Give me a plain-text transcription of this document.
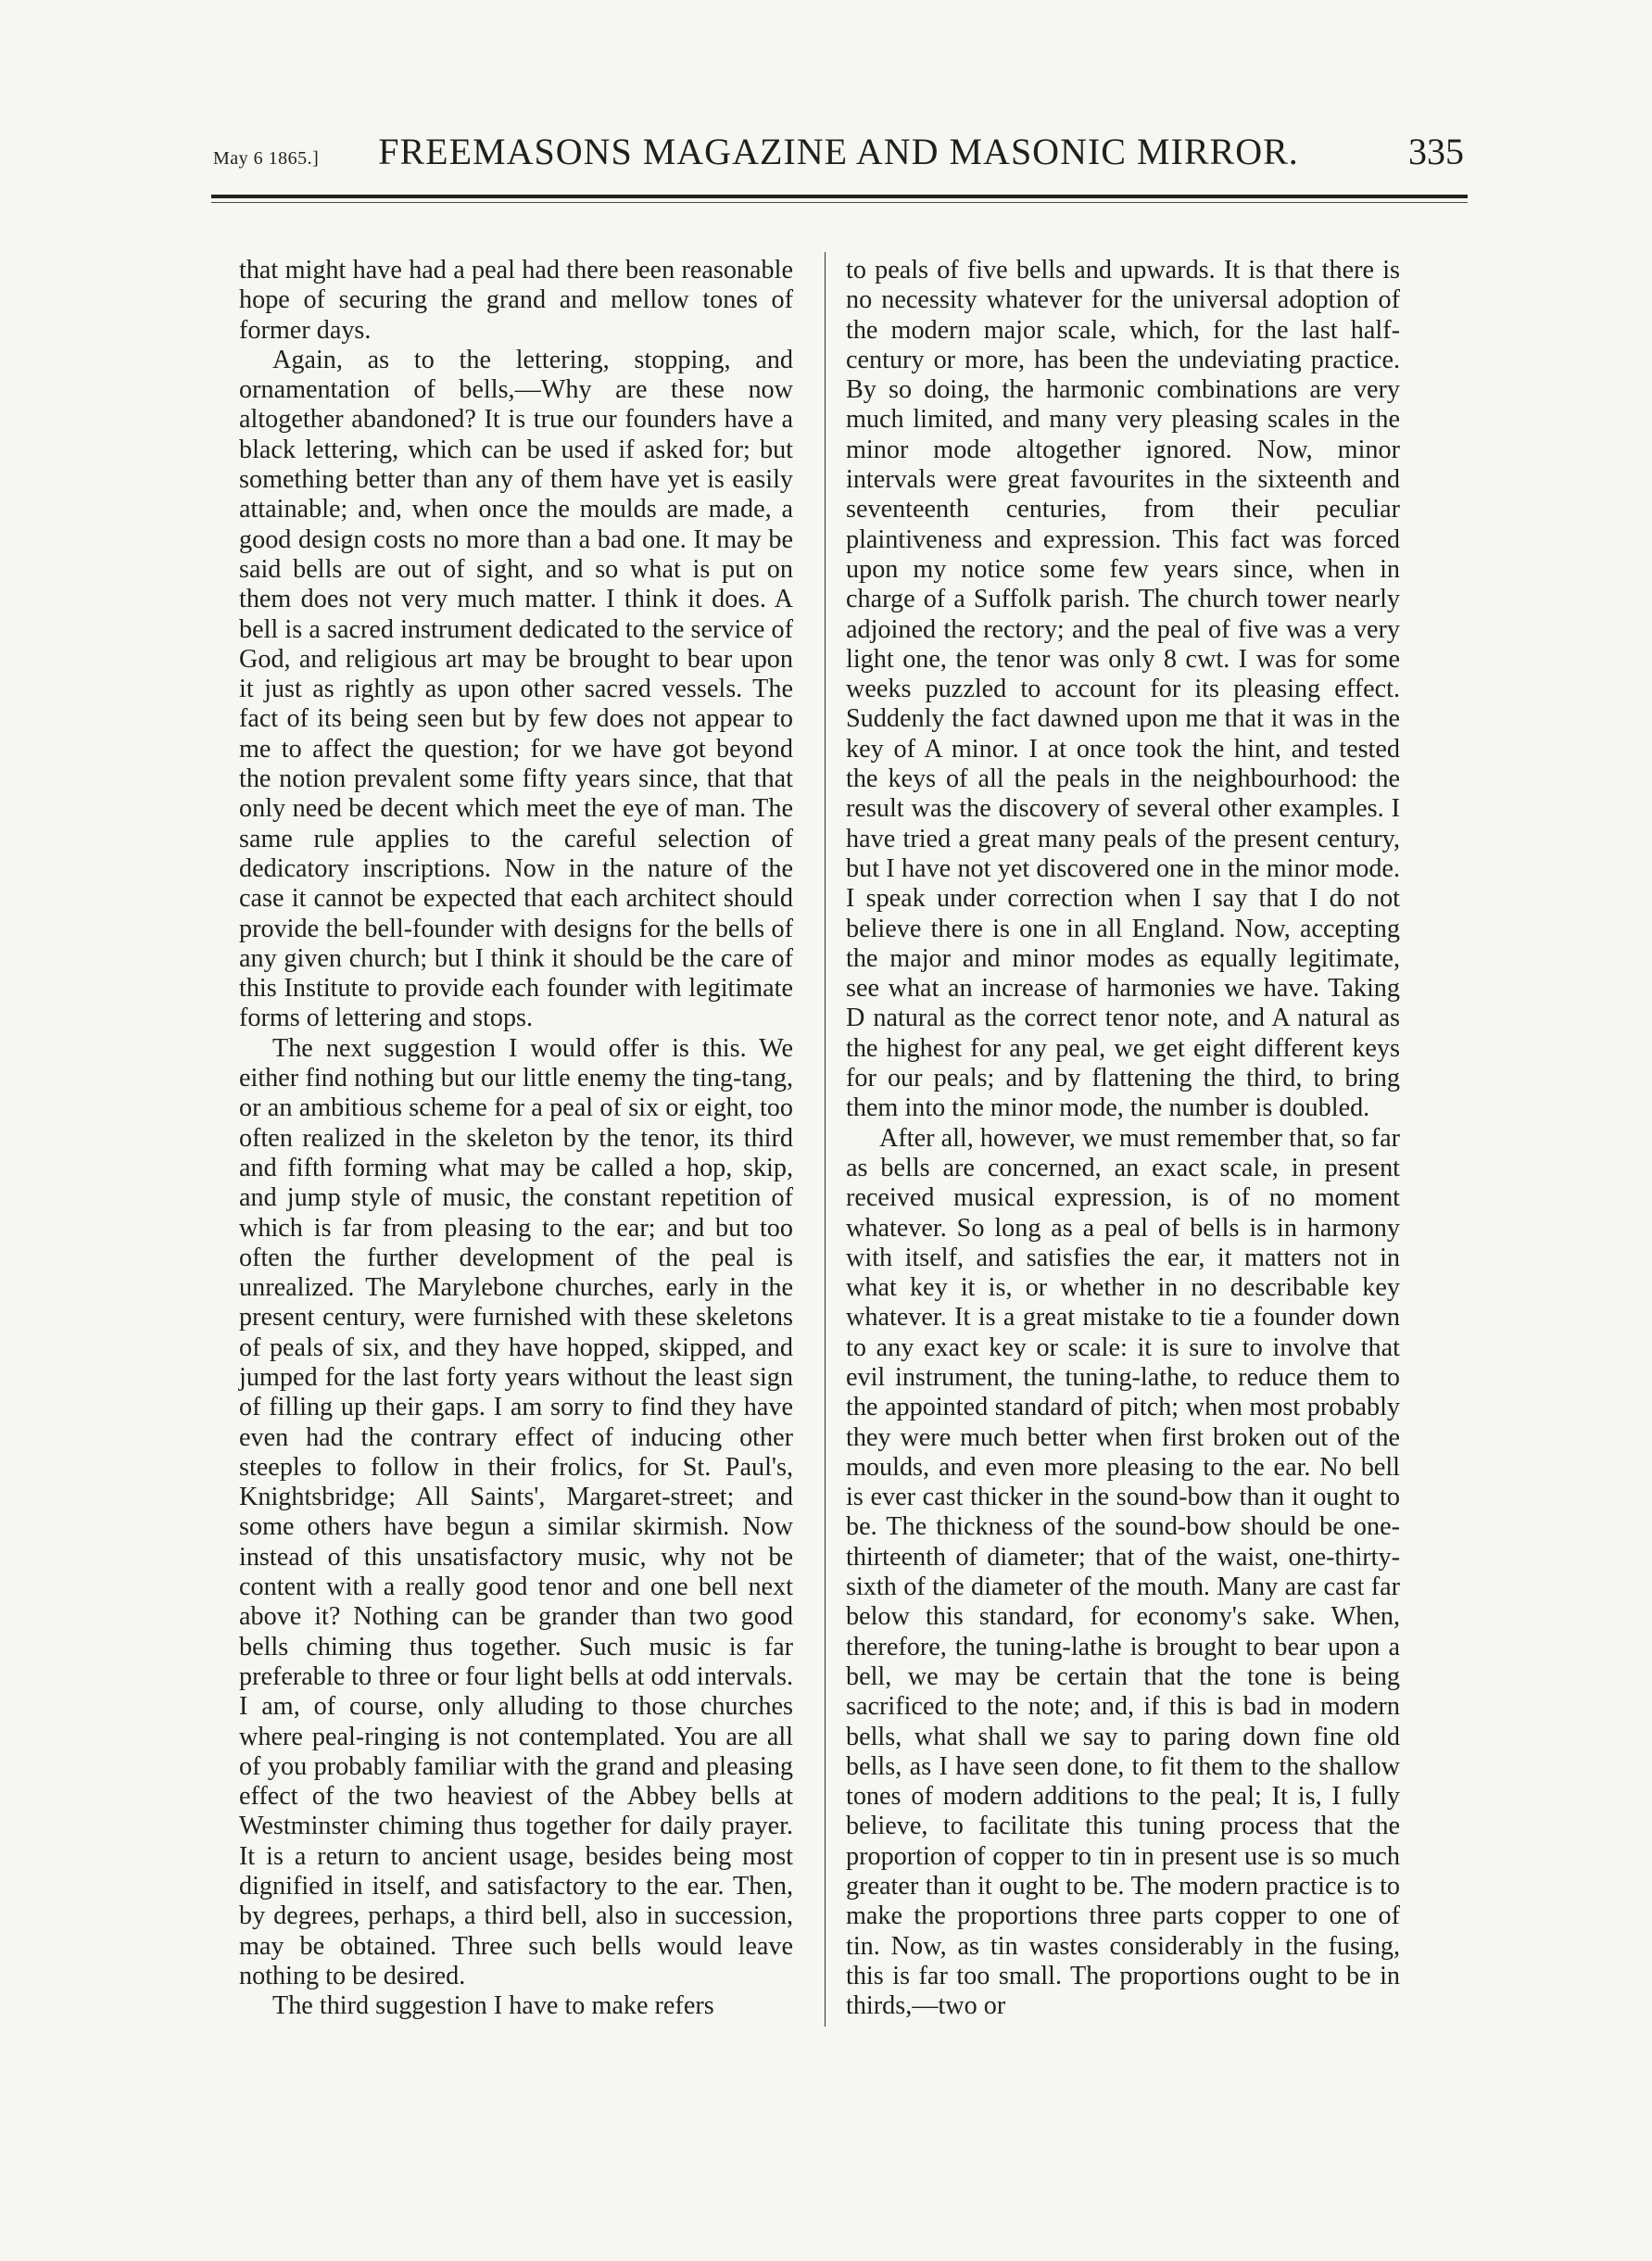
May 6 1865.]	FREEMASONS MAGAZINE AND MASONIC MIRROR.	335

that might have had a peal had there been reasonable hope of securing the grand and mellow tones of former days.

Again, as to the lettering, stopping, and ornamentation of bells,—Why are these now altogether abandoned? It is true our founders have a black lettering, which can be used if asked for; but something better than any of them have yet is easily attainable; and, when once the moulds are made, a good design costs no more than a bad one. It may be said bells are out of sight, and so what is put on them does not very much matter. I think it does. A bell is a sacred instrument dedicated to the service of God, and religious art may be brought to bear upon it just as rightly as upon other sacred vessels. The fact of its being seen but by few does not appear to me to affect the question; for we have got beyond the notion prevalent some fifty years since, that that only need be decent which meet the eye of man. The same rule applies to the careful selection of dedicatory inscriptions. Now in the nature of the case it cannot be expected that each architect should provide the bell-founder with designs for the bells of any given church; but I think it should be the care of this Institute to provide each founder with legitimate forms of lettering and stops.

The next suggestion I would offer is this. We either find nothing but our little enemy the ting-tang, or an ambitious scheme for a peal of six or eight, too often realized in the skeleton by the tenor, its third and fifth forming what may be called a hop, skip, and jump style of music, the constant repetition of which is far from pleasing to the ear; and but too often the further development of the peal is unrealized. The Marylebone churches, early in the present century, were furnished with these skeletons of peals of six, and they have hopped, skipped, and jumped for the last forty years without the least sign of filling up their gaps. I am sorry to find they have even had the contrary effect of inducing other steeples to follow in their frolics, for St. Paul's, Knightsbridge; All Saints', Margaret-street; and some others have begun a similar skirmish. Now instead of this unsatisfactory music, why not be content with a really good tenor and one bell next above it? Nothing can be grander than two good bells chiming thus together. Such music is far preferable to three or four light bells at odd intervals. I am, of course, only alluding to those churches where peal-ringing is not contemplated. You are all of you probably familiar with the grand and pleasing effect of the two heaviest of the Abbey bells at Westminster chiming thus together for daily prayer. It is a return to ancient usage, besides being most dignified in itself, and satisfactory to the ear. Then, by degrees, perhaps, a third bell, also in succession, may be obtained. Three such bells would leave nothing to be desired.

The third suggestion I have to make refers

to peals of five bells and upwards. It is that there is no necessity whatever for the universal adoption of the modern major scale, which, for the last half-century or more, has been the undeviating practice. By so doing, the harmonic combinations are very much limited, and many very pleasing scales in the minor mode altogether ignored. Now, minor intervals were great favourites in the sixteenth and seventeenth centuries, from their peculiar plaintiveness and expression. This fact was forced upon my notice some few years since, when in charge of a Suffolk parish. The church tower nearly adjoined the rectory; and the peal of five was a very light one, the tenor was only 8 cwt. I was for some weeks puzzled to account for its pleasing effect. Suddenly the fact dawned upon me that it was in the key of A minor. I at once took the hint, and tested the keys of all the peals in the neighbourhood: the result was the discovery of several other examples. I have tried a great many peals of the present century, but I have not yet discovered one in the minor mode. I speak under correction when I say that I do not believe there is one in all England. Now, accepting the major and minor modes as equally legitimate, see what an increase of harmonies we have. Taking D natural as the correct tenor note, and A natural as the highest for any peal, we get eight different keys for our peals; and by flattening the third, to bring them into the minor mode, the number is doubled.

After all, however, we must remember that, so far as bells are concerned, an exact scale, in present received musical expression, is of no moment whatever. So long as a peal of bells is in harmony with itself, and satisfies the ear, it matters not in what key it is, or whether in no describable key whatever. It is a great mistake to tie a founder down to any exact key or scale: it is sure to involve that evil instrument, the tuning-lathe, to reduce them to the appointed standard of pitch; when most probably they were much better when first broken out of the moulds, and even more pleasing to the ear. No bell is ever cast thicker in the sound-bow than it ought to be. The thickness of the sound-bow should be one-thirteenth of diameter; that of the waist, one-thirty-sixth of the diameter of the mouth. Many are cast far below this standard, for economy's sake. When, therefore, the tuning-lathe is brought to bear upon a bell, we may be certain that the tone is being sacrificed to the note; and, if this is bad in modern bells, what shall we say to paring down fine old bells, as I have seen done, to fit them to the shallow tones of modern additions to the peal; It is, I fully believe, to facilitate this tuning process that the proportion of copper to tin in present use is so much greater than it ought to be. The modern practice is to make the proportions three parts copper to one of tin. Now, as tin wastes considerably in the fusing, this is far too small. The proportions ought to be in thirds,—two or
